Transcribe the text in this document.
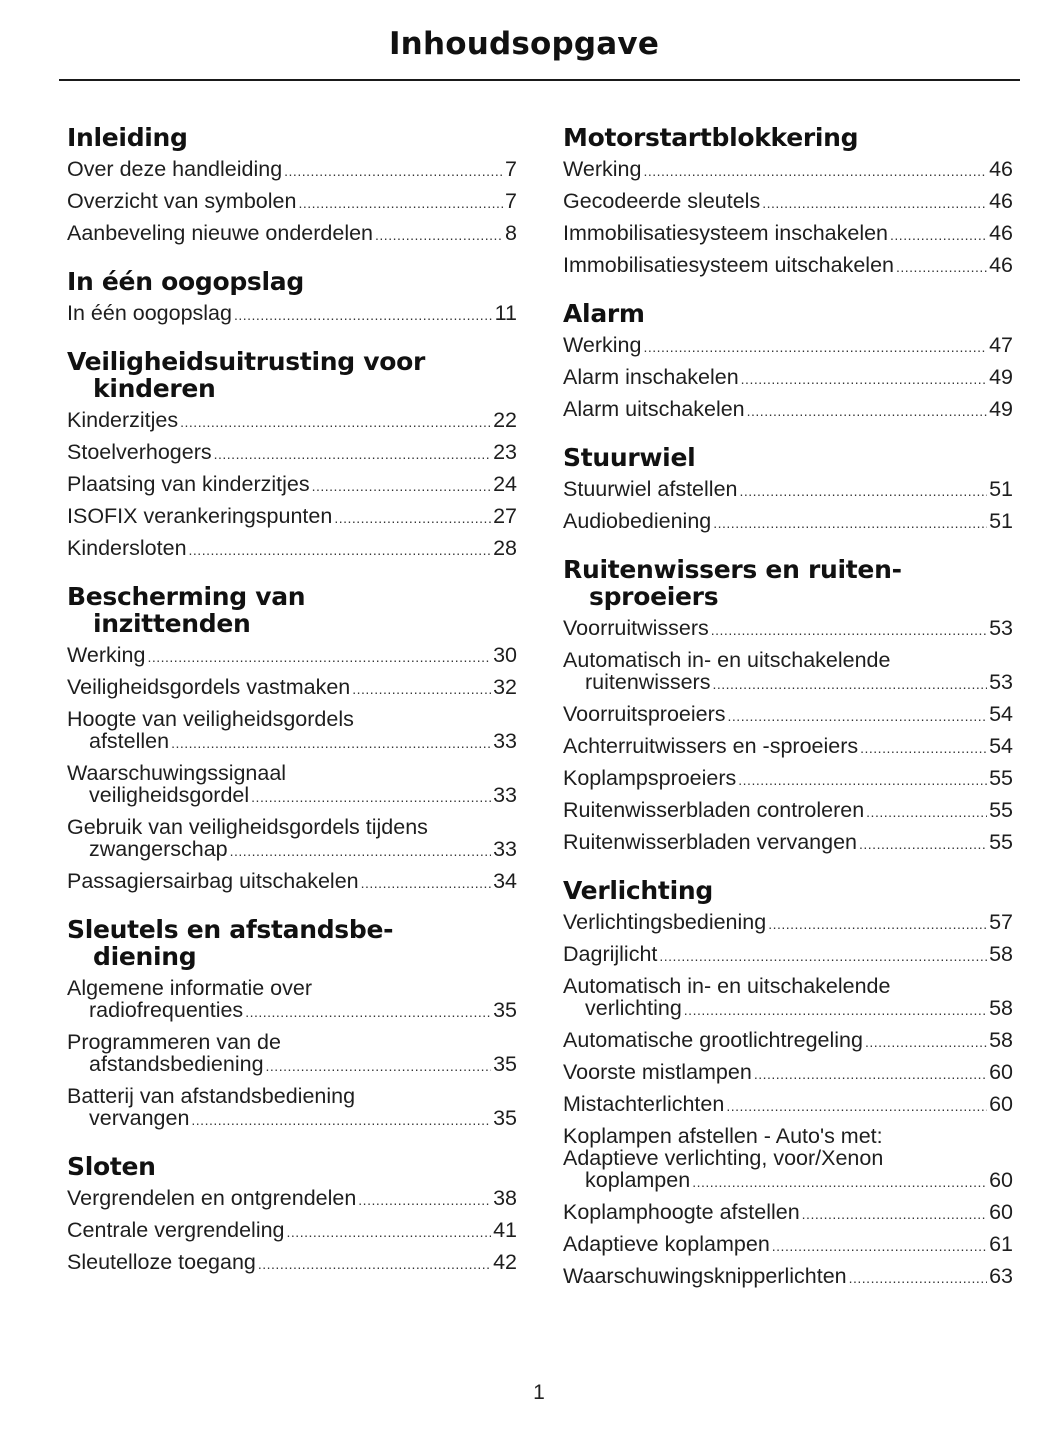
Inhoudsopgave
Inleiding
Over deze handleiding .....	7
Overzicht van symbolen .....	7
Aanbeveling nieuwe onderdelen .....	8
In één oogopslag
In één oogopslag .....	11
Veiligheidsuitrusting voor
kinderen
Kinderzitjes .....	22
Stoelverhogers .....	23
Plaatsing van kinderzitjes .....	24
ISOFIX verankeringspunten .....	27
Kindersloten .....	28
Bescherming van
inzittenden
Werking .....	30
Veiligheidsgordels vastmaken .....	32
Hoogte van veiligheidsgordels
afstellen .....	33
Waarschuwingssignaal
veiligheidsgordel .....	33
Gebruik van veiligheidsgordels tijdens
zwangerschap .....	33
Passagiersairbag uitschakelen .....	34
Sleutels en afstandsbe-
diening
Algemene informatie over
radiofrequenties .....	35
Programmeren van de
afstandsbediening .....	35
Batterij van afstandsbediening
vervangen .....	35
Sloten
Vergrendelen en ontgrendelen .....	38
Centrale vergrendeling .....	41
Sleutelloze toegang .....	42
Motorstartblokkering
Werking .....	46
Gecodeerde sleutels .....	46
Immobilisatiesysteem inschakelen .....	46
Immobilisatiesysteem uitschakelen .....	46
Alarm
Werking .....	47
Alarm inschakelen .....	49
Alarm uitschakelen .....	49
Stuurwiel
Stuurwiel afstellen .....	51
Audiobediening .....	51
Ruitenwissers en ruiten-
sproeiers
Voorruitwissers .....	53
Automatisch in- en uitschakelende
ruitenwissers .....	53
Voorruitsproeiers .....	54
Achterruitwissers en -sproeiers .....	54
Koplampsproeiers .....	55
Ruitenwisserbladen controleren .....	55
Ruitenwisserbladen vervangen .....	55
Verlichting
Verlichtingsbediening .....	57
Dagrijlicht .....	58
Automatisch in- en uitschakelende
verlichting .....	58
Automatische grootlichtregeling .....	58
Voorste mistlampen .....	60
Mistachterlichten .....	60
Koplampen afstellen - Auto's met:
Adaptieve verlichting, voor/Xenon
koplampen .....	60
Koplamphoogte afstellen .....	60
Adaptieve koplampen .....	61
Waarschuwingsknipperlichten .....	63
1
